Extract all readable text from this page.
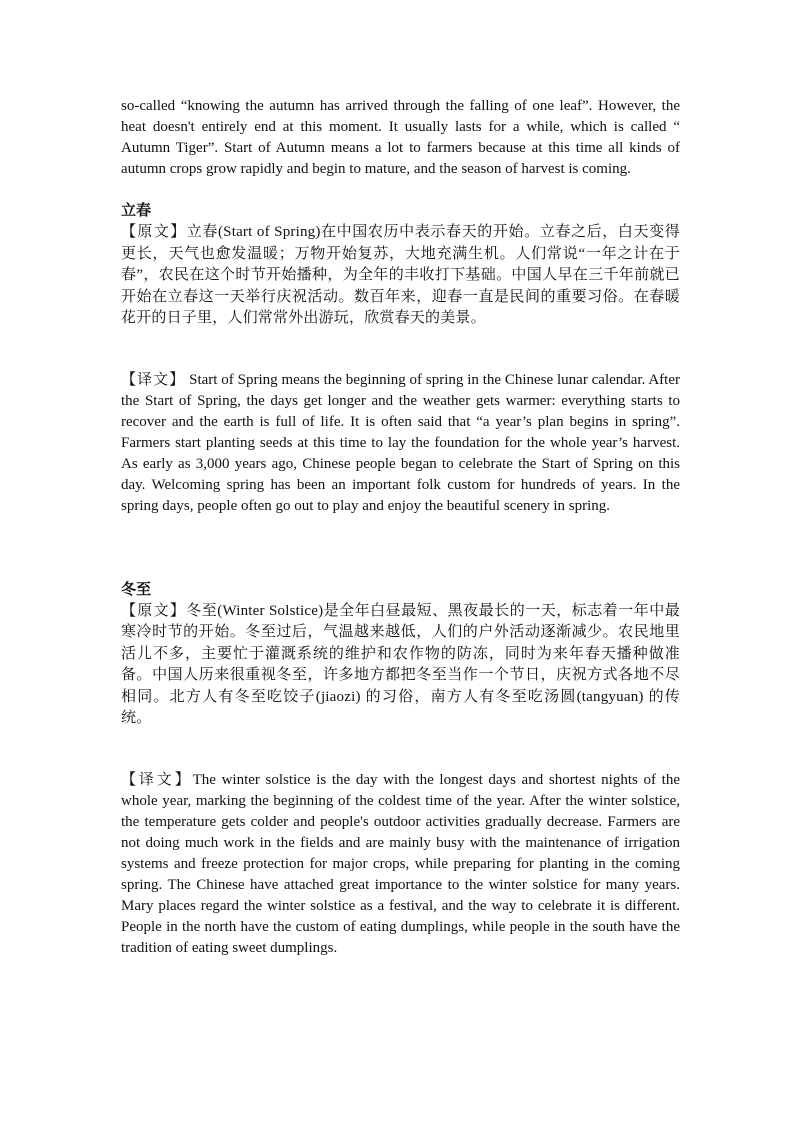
so-called “knowing the autumn has arrived through the falling of one leaf”. However, the heat doesn't entirely end at this moment. It usually lasts for a while, which is called “ Autumn Tiger”. Start of Autumn means a lot to farmers because at this time all kinds of autumn crops grow rapidly and begin to mature, and the season of harvest is coming.

立春

【原文】立春(Start of Spring)在中国农历中表示春天的开始。立春之后，白天变得更长，天气也愈发温暖；万物开始复苏，大地充满生机。人们常说“一年之计在于春”，农民在这个时节开始播种，为全年的丰收打下基础。中国人早在三千年前就已开始在立春这一天举行庆祝活动。数百年来，迎春一直是民间的重要习俗。在春暖花开的日子里，人们常常外出游玩，欣赏春天的美景。

【译文】 Start of Spring means the beginning of spring in the Chinese lunar calendar. After the Start of Spring, the days get longer and the weather gets warmer: everything starts to recover and the earth is full of life. It is often said that “a year’s plan begins in spring”. Farmers start planting seeds at this time to lay the foundation for the whole year’s harvest. As early as 3,000 years ago, Chinese people began to celebrate the Start of Spring on this day. Welcoming spring has been an important folk custom for hundreds of years. In the spring days, people often go out to play and enjoy the beautiful scenery in spring.

冬至

【原文】冬至(Winter Solstice)是全年白昼最短、黑夜最长的一天，标志着一年中最寒冷时节的开始。冬至过后，气温越来越低，人们的户外活动逐渐减少。农民地里活儿不多，主要忙于灌溉系统的维护和农作物的防冻，同时为来年春天播种做准备。中国人历来很重视冬至，许多地方都把冬至当作一个节日，庆祝方式各地不尽相同。北方人有冬至吃饺子(jiaozi) 的习俗，南方人有冬至吃汤圆(tangyuan) 的传统。

【译文】The winter solstice is the day with the longest days and shortest nights of the whole year, marking the beginning of the coldest time of the year. After the winter solstice, the temperature gets colder and people's outdoor activities gradually decrease. Farmers are not doing much work in the fields and are mainly busy with the maintenance of irrigation systems and freeze protection for major crops, while preparing for planting in the coming spring. The Chinese have attached great importance to the winter solstice for many years. Mary places regard the winter solstice as a festival, and the way to celebrate it is different. People in the north have the custom of eating dumplings, while people in the south have the tradition of eating sweet dumplings.
